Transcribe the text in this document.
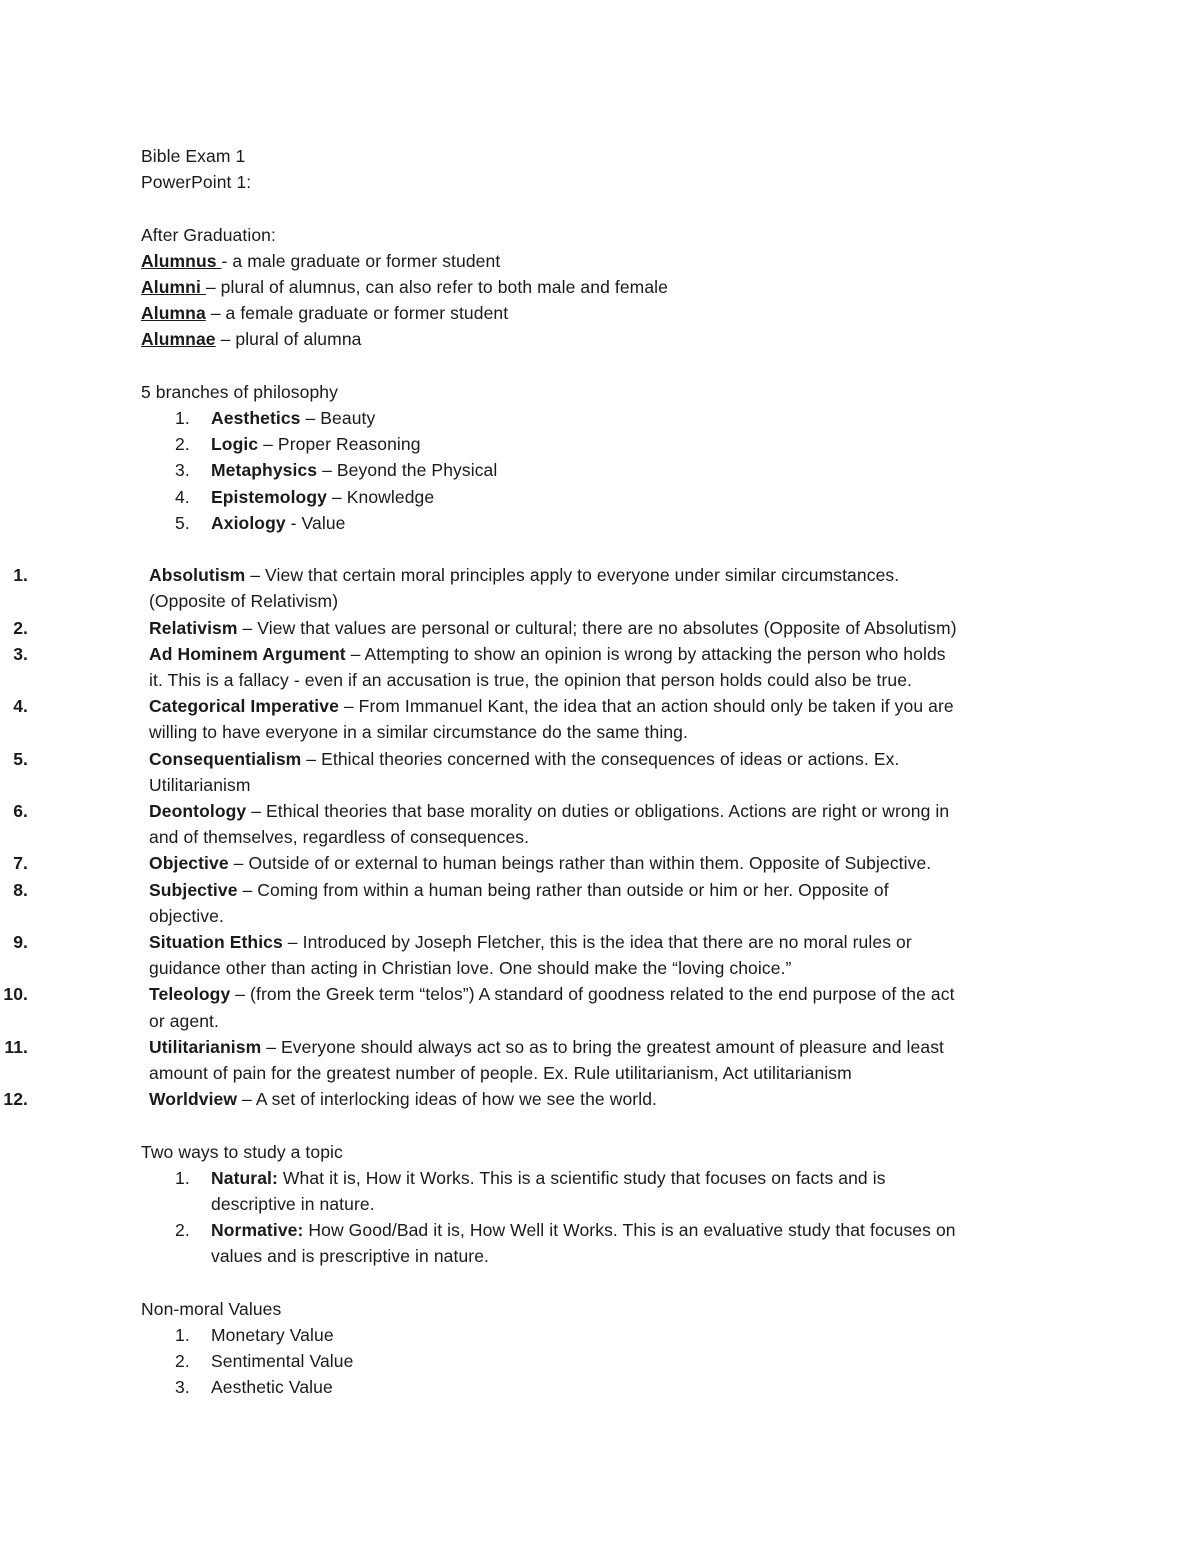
Bible Exam 1
PowerPoint 1:
After Graduation:
Alumnus - a male graduate or former student
Alumni – plural of alumnus, can also refer to both male and female
Alumna – a female graduate or former student
Alumnae – plural of alumna
5 branches of philosophy
1. Aesthetics – Beauty
2. Logic – Proper Reasoning
3. Metaphysics – Beyond the Physical
4. Epistemology – Knowledge
5. Axiology - Value
1.	Absolutism – View that certain moral principles apply to everyone under similar circumstances.
(Opposite of Relativism)
2.	Relativism – View that values are personal or cultural; there are no absolutes (Opposite of Absolutism)
3.	Ad Hominem Argument – Attempting to show an opinion is wrong by attacking the person who holds
it. This is a fallacy - even if an accusation is true, the opinion that person holds could also be true.
4.	Categorical Imperative – From Immanuel Kant, the idea that an action should only be taken if you are
willing to have everyone in a similar circumstance do the same thing.
5.	Consequentialism – Ethical theories concerned with the consequences of ideas or actions. Ex.
Utilitarianism
6.	Deontology – Ethical theories that base morality on duties or obligations. Actions are right or wrong in
and of themselves, regardless of consequences.
7.	Objective – Outside of or external to human beings rather than within them. Opposite of Subjective.
8.	Subjective – Coming from within a human being rather than outside or him or her. Opposite of
objective.
9.	Situation Ethics – Introduced by Joseph Fletcher, this is the idea that there are no moral rules or
guidance other than acting in Christian love. One should make the “loving choice.”
10.	Teleology – (from the Greek term “telos”) A standard of goodness related to the end purpose of the act
or agent.
11.	Utilitarianism – Everyone should always act so as to bring the greatest amount of pleasure and least
amount of pain for the greatest number of people. Ex. Rule utilitarianism, Act utilitarianism
12.	Worldview – A set of interlocking ideas of how we see the world.
Two ways to study a topic
1. Natural: What it is, How it Works. This is a scientific study that focuses on facts and is
descriptive in nature.
2. Normative: How Good/Bad it is, How Well it Works. This is an evaluative study that focuses on
values and is prescriptive in nature.
Non-moral Values
1. Monetary Value
2. Sentimental Value
3. Aesthetic Value
